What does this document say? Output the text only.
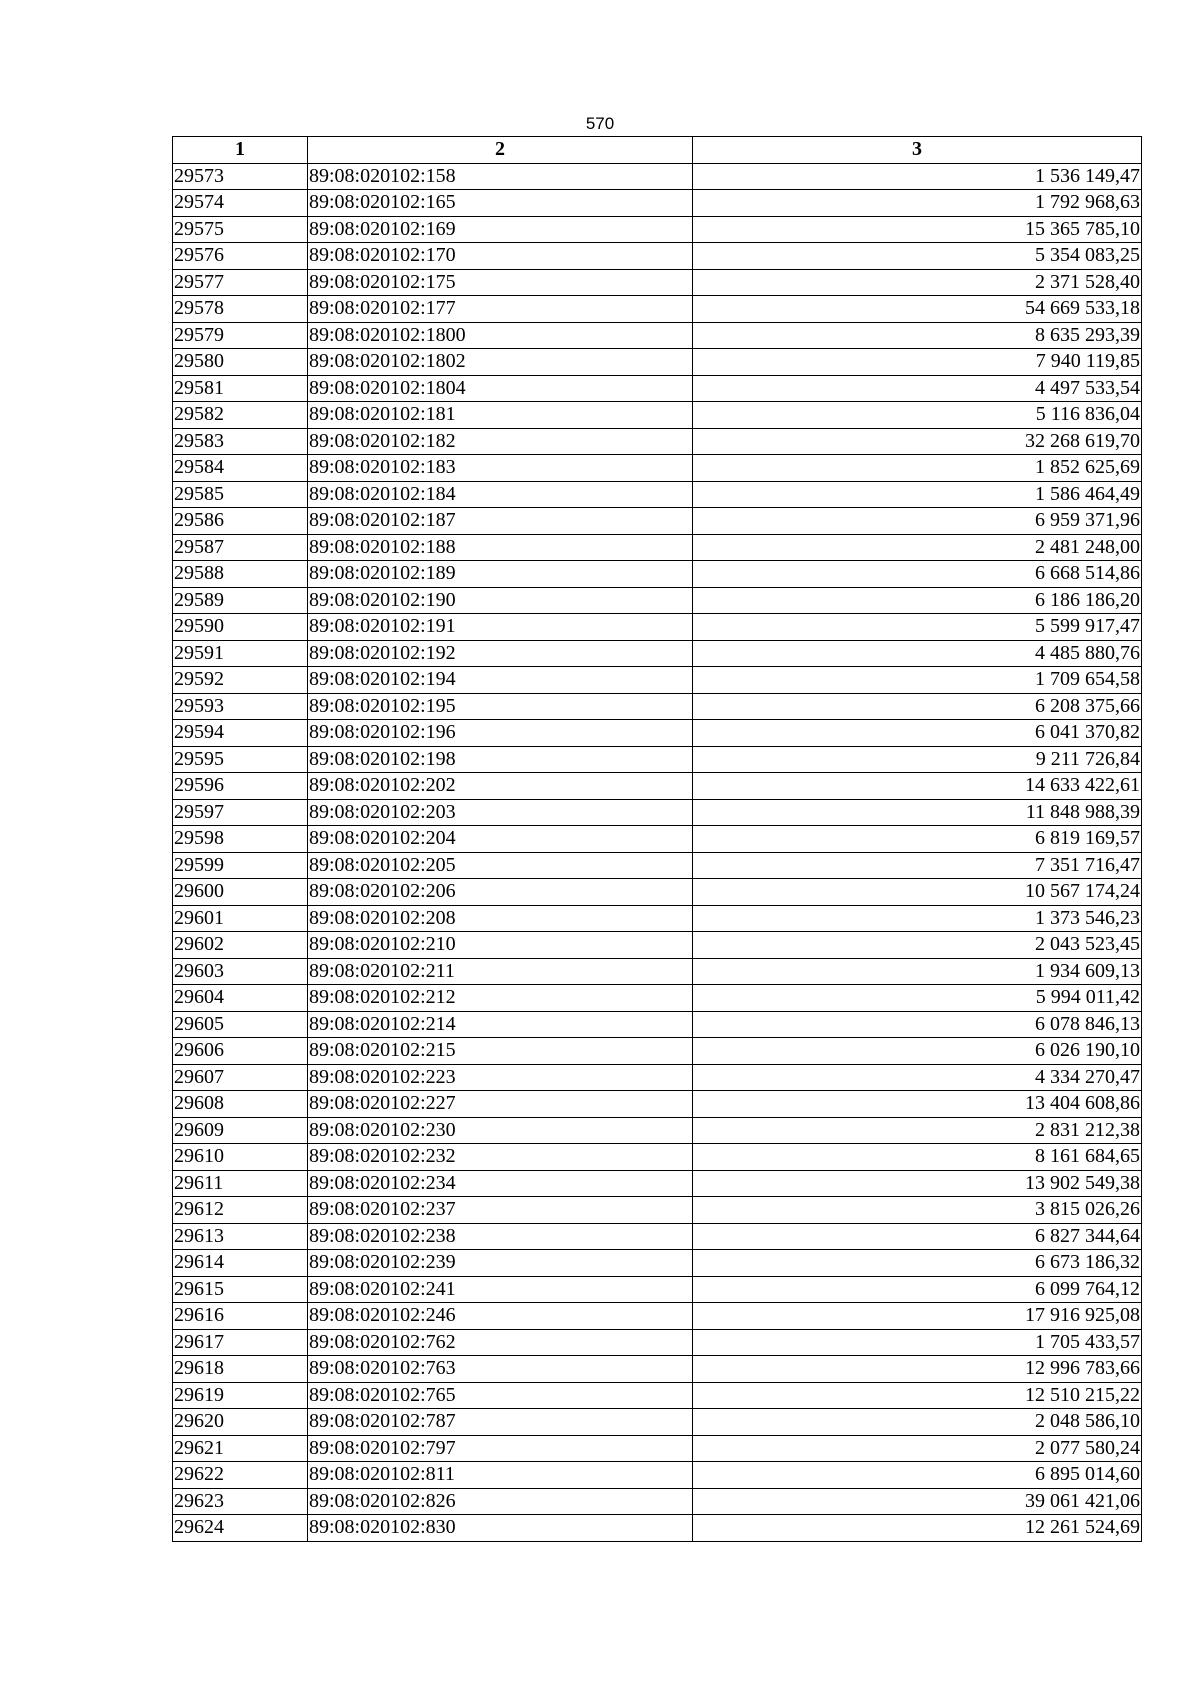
570
1	2	3
29573	89:08:020102:158	1 536 149,47
29574	89:08:020102:165	1 792 968,63
29575	89:08:020102:169	15 365 785,10
29576	89:08:020102:170	5 354 083,25
29577	89:08:020102:175	2 371 528,40
29578	89:08:020102:177	54 669 533,18
29579	89:08:020102:1800	8 635 293,39
29580	89:08:020102:1802	7 940 119,85
29581	89:08:020102:1804	4 497 533,54
29582	89:08:020102:181	5 116 836,04
29583	89:08:020102:182	32 268 619,70
29584	89:08:020102:183	1 852 625,69
29585	89:08:020102:184	1 586 464,49
29586	89:08:020102:187	6 959 371,96
29587	89:08:020102:188	2 481 248,00
29588	89:08:020102:189	6 668 514,86
29589	89:08:020102:190	6 186 186,20
29590	89:08:020102:191	5 599 917,47
29591	89:08:020102:192	4 485 880,76
29592	89:08:020102:194	1 709 654,58
29593	89:08:020102:195	6 208 375,66
29594	89:08:020102:196	6 041 370,82
29595	89:08:020102:198	9 211 726,84
29596	89:08:020102:202	14 633 422,61
29597	89:08:020102:203	11 848 988,39
29598	89:08:020102:204	6 819 169,57
29599	89:08:020102:205	7 351 716,47
29600	89:08:020102:206	10 567 174,24
29601	89:08:020102:208	1 373 546,23
29602	89:08:020102:210	2 043 523,45
29603	89:08:020102:211	1 934 609,13
29604	89:08:020102:212	5 994 011,42
29605	89:08:020102:214	6 078 846,13
29606	89:08:020102:215	6 026 190,10
29607	89:08:020102:223	4 334 270,47
29608	89:08:020102:227	13 404 608,86
29609	89:08:020102:230	2 831 212,38
29610	89:08:020102:232	8 161 684,65
29611	89:08:020102:234	13 902 549,38
29612	89:08:020102:237	3 815 026,26
29613	89:08:020102:238	6 827 344,64
29614	89:08:020102:239	6 673 186,32
29615	89:08:020102:241	6 099 764,12
29616	89:08:020102:246	17 916 925,08
29617	89:08:020102:762	1 705 433,57
29618	89:08:020102:763	12 996 783,66
29619	89:08:020102:765	12 510 215,22
29620	89:08:020102:787	2 048 586,10
29621	89:08:020102:797	2 077 580,24
29622	89:08:020102:811	6 895 014,60
29623	89:08:020102:826	39 061 421,06
29624	89:08:020102:830	12 261 524,69
